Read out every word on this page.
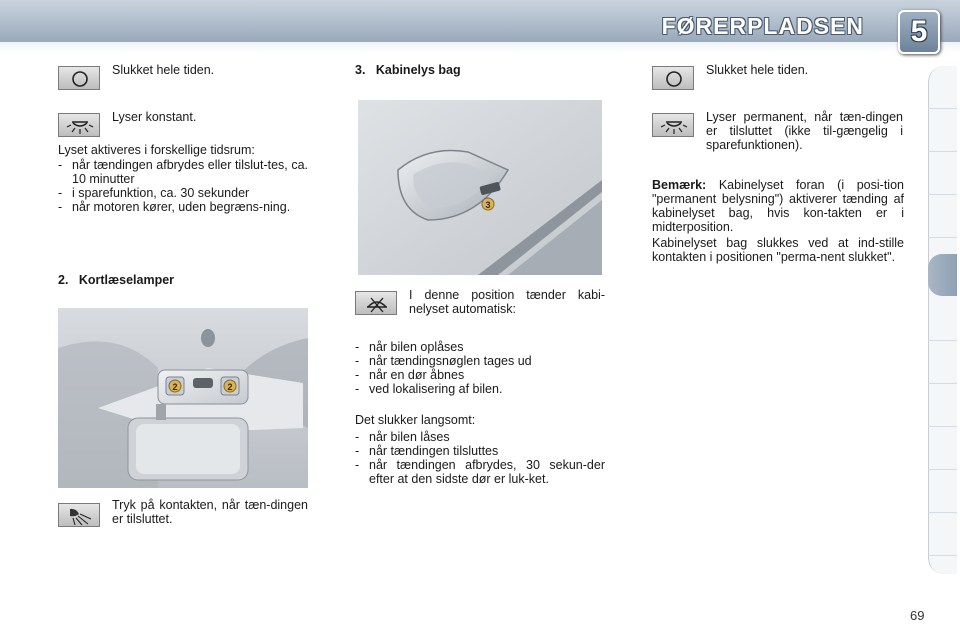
FØRERPLADSEN	5
Slukket hele tiden.
Lyser konstant.
Lyset aktiveres i forskellige tidsrum:
- når tændingen afbrydes eller tilslut-tes, ca. 10 minutter
- i sparefunktion, ca. 30 sekunder
- når motoren kører, uden begræns-ning.
2.   Kortlæselamper
2	2
Tryk på kontakten, når tæn-dingen er tilsluttet.
3.   Kabinelys bag
3
I denne position tænder kabi-nelyset automatisk:
- når bilen oplåses
- når tændingsnøglen tages ud
- når en dør åbnes
- ved lokalisering af bilen.
Det slukker langsomt:
- når bilen låses
- når tændingen tilsluttes
- når tændingen afbrydes, 30 sekun-der efter at den sidste dør er luk-ket.
Slukket hele tiden.
Lyser permanent, når tæn-dingen er tilsluttet (ikke til-gængelig i sparefunktionen).
Bemærk: Kabinelyset foran (i posi-tion "permanent belysning") aktiverer tænding af kabinelyset bag, hvis kon-takten er i midterposition.
Kabinelyset bag slukkes ved at ind-stille kontakten i positionen "perma-nent slukket".
69
